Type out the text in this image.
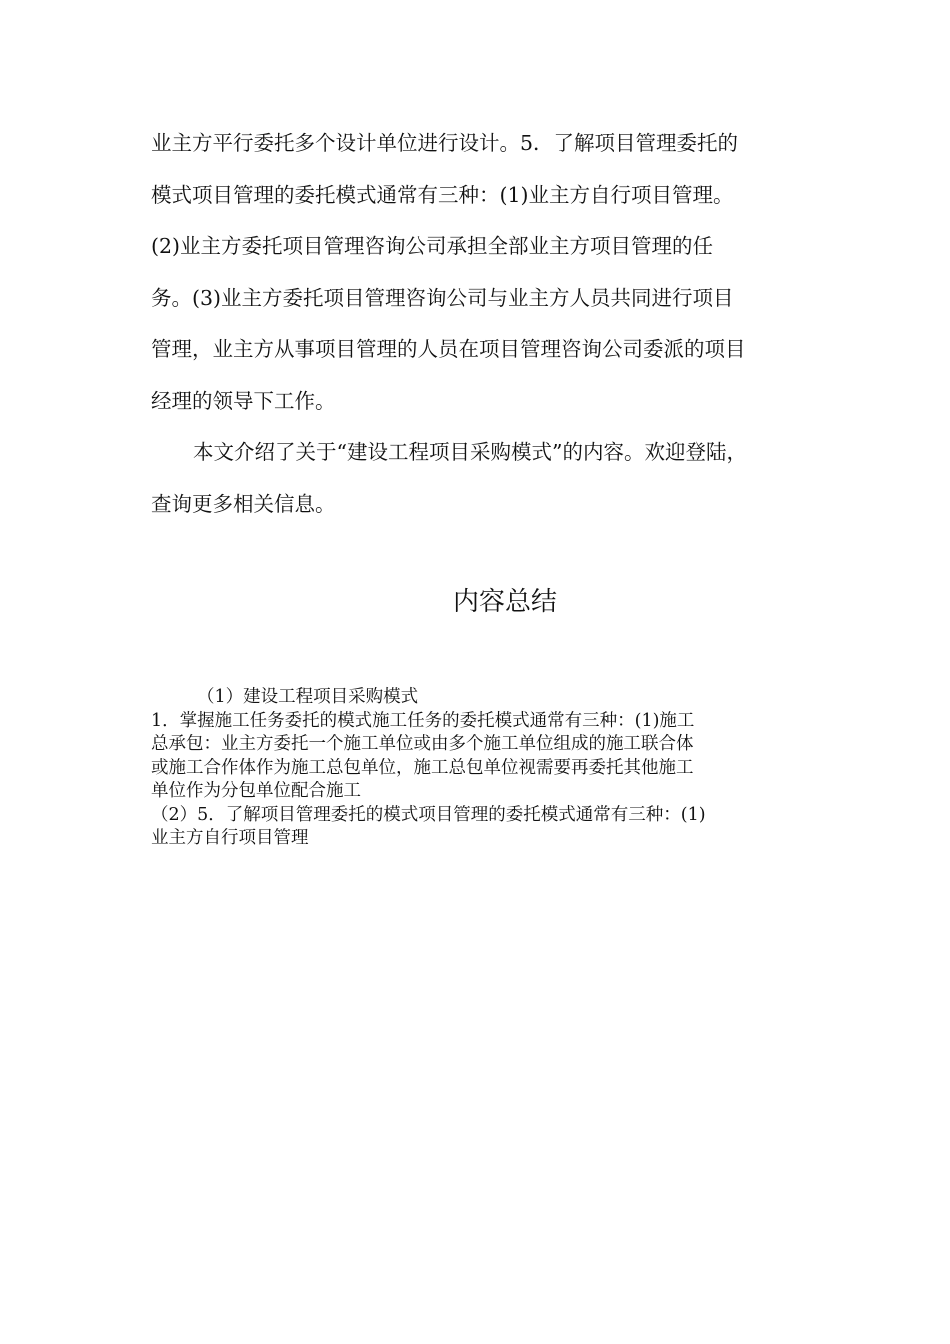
业主方平行委托多个设计单位进行设计。5．了解项目管理委托的
模式项目管理的委托模式通常有三种：(1)业主方自行项目管理。
(2)业主方委托项目管理咨询公司承担全部业主方项目管理的任
务。(3)业主方委托项目管理咨询公司与业主方人员共同进行项目
管理，业主方从事项目管理的人员在项目管理咨询公司委派的项目
经理的领导下工作。
本文介绍了关于“建设工程项目采购模式”的内容。欢迎登陆，
查询更多相关信息。
内容总结
（1）建设工程项目采购模式
1．掌握施工任务委托的模式施工任务的委托模式通常有三种：(1)施工
总承包：业主方委托一个施工单位或由多个施工单位组成的施工联合体
或施工合作体作为施工总包单位，施工总包单位视需要再委托其他施工
单位作为分包单位配合施工
（2）5．了解项目管理委托的模式项目管理的委托模式通常有三种：(1)
业主方自行项目管理
